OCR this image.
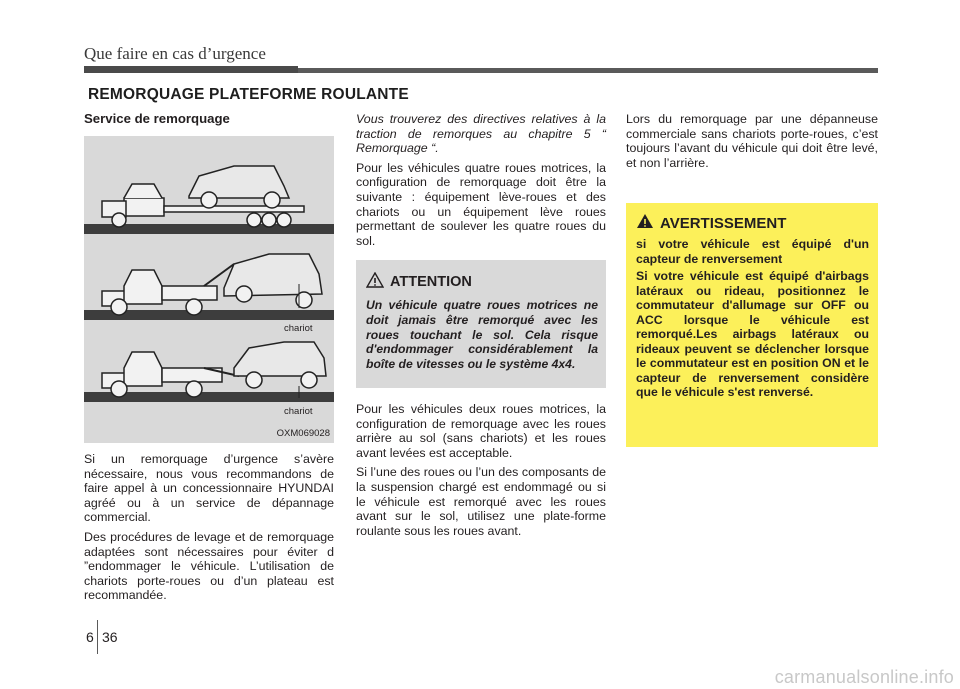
Que faire en cas d’urgence
REMORQUAGE PLATEFORME ROULANTE
Service de remorquage

Si un remorquage d’urgence s’avère nécessaire, nous vous recommandons de faire appel à un concessionnaire HYUNDAI agréé ou à un service de dépannage commercial.

Des procédures de levage et de remorquage adaptées sont nécessaires pour éviter d ”endommager le véhicule. L’utilisation de chariots porte-roues ou d’un plateau est recommandée.

chariot
chariot
OXM069028

Vous trouverez des directives relatives à la traction de remorques au chapitre 5 “ Remorquage “.

Pour les véhicules quatre roues motrices, la configuration de remorquage doit être la suivante : équipement lève-roues et des chariots ou un équipement lève roues permettant de soulever les quatre roues du sol.

Pour les véhicules deux roues motrices, la configuration de remorquage avec les roues arrière au sol (sans chariots) et les roues avant levées est acceptable.

Si l’une des roues ou l’un des composants de la suspension chargé est endommagé ou si le véhicule est remorqué avec les roues avant sur le sol, utilisez une plate-forme roulante sous les roues avant.

ATTENTION
Un véhicule quatre roues motrices ne doit jamais être remorqué avec les roues touchant le sol. Cela risque d'endommager considérablement la boîte de vitesses ou le système 4x4.

Lors du remorquage par une dépanneuse commerciale sans chariots porte-roues, c’est toujours l’avant du véhicule qui doit être levé, et non l’arrière.

AVERTISSEMENT

si votre véhicule est équipé d'un capteur de renversement

Si votre véhicule est équipé d'airbags latéraux ou rideau, positionnez le commutateur d'allumage sur OFF ou ACC lorsque le véhicule est remorqué.Les airbags latéraux ou rideaux peuvent se déclencher lorsque le commutateur est en position ON et le capteur de renversement considère que le véhicule s'est renversé.

6 36
carmanualsonline.info
